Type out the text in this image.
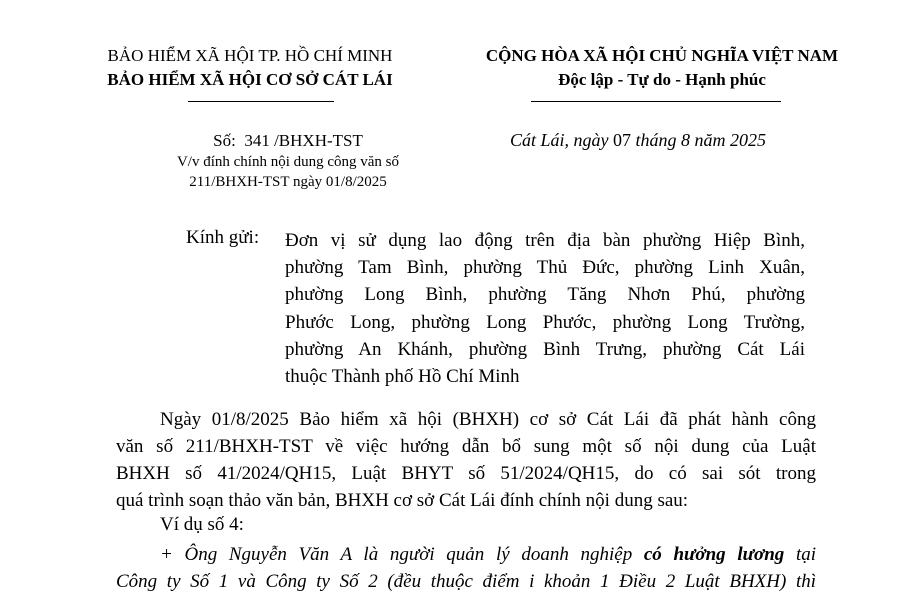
BẢO HIỂM XÃ HỘI TP. HỒ CHÍ MINH
BẢO HIỂM XÃ HỘI CƠ SỞ CÁT LÁI
CỘNG HÒA XÃ HỘI CHỦ NGHĨA VIỆT NAM
Độc lập - Tự do - Hạnh phúc
Số: 341 /BHXH-TST
V/v đính chính nội dung công văn số
211/BHXH-TST ngày 01/8/2025
Cát Lái, ngày 07 tháng 8 năm 2025
Kính gửi: Đơn vị sử dụng lao động trên địa bàn phường Hiệp Bình,
phường Tam Bình, phường Thủ Đức, phường Linh Xuân,
phường Long Bình, phường Tăng Nhơn Phú, phường
Phước Long, phường Long Phước, phường Long Trường,
phường An Khánh, phường Bình Trưng, phường Cát Lái
thuộc Thành phố Hồ Chí Minh
Ngày 01/8/2025 Bảo hiểm xã hội (BHXH) cơ sở Cát Lái đã phát hành công
văn số 211/BHXH-TST về việc hướng dẫn bổ sung một số nội dung của Luật
BHXH số 41/2024/QH15, Luật BHYT số 51/2024/QH15, do có sai sót trong
quá trình soạn thảo văn bản, BHXH cơ sở Cát Lái đính chính nội dung sau:
Ví dụ số 4:
+ Ông Nguyễn Văn A là người quản lý doanh nghiệp có hưởng lương tại
Công ty Số 1 và Công ty Số 2 (đều thuộc điểm i khoản 1 Điều 2 Luật BHXH) thì
